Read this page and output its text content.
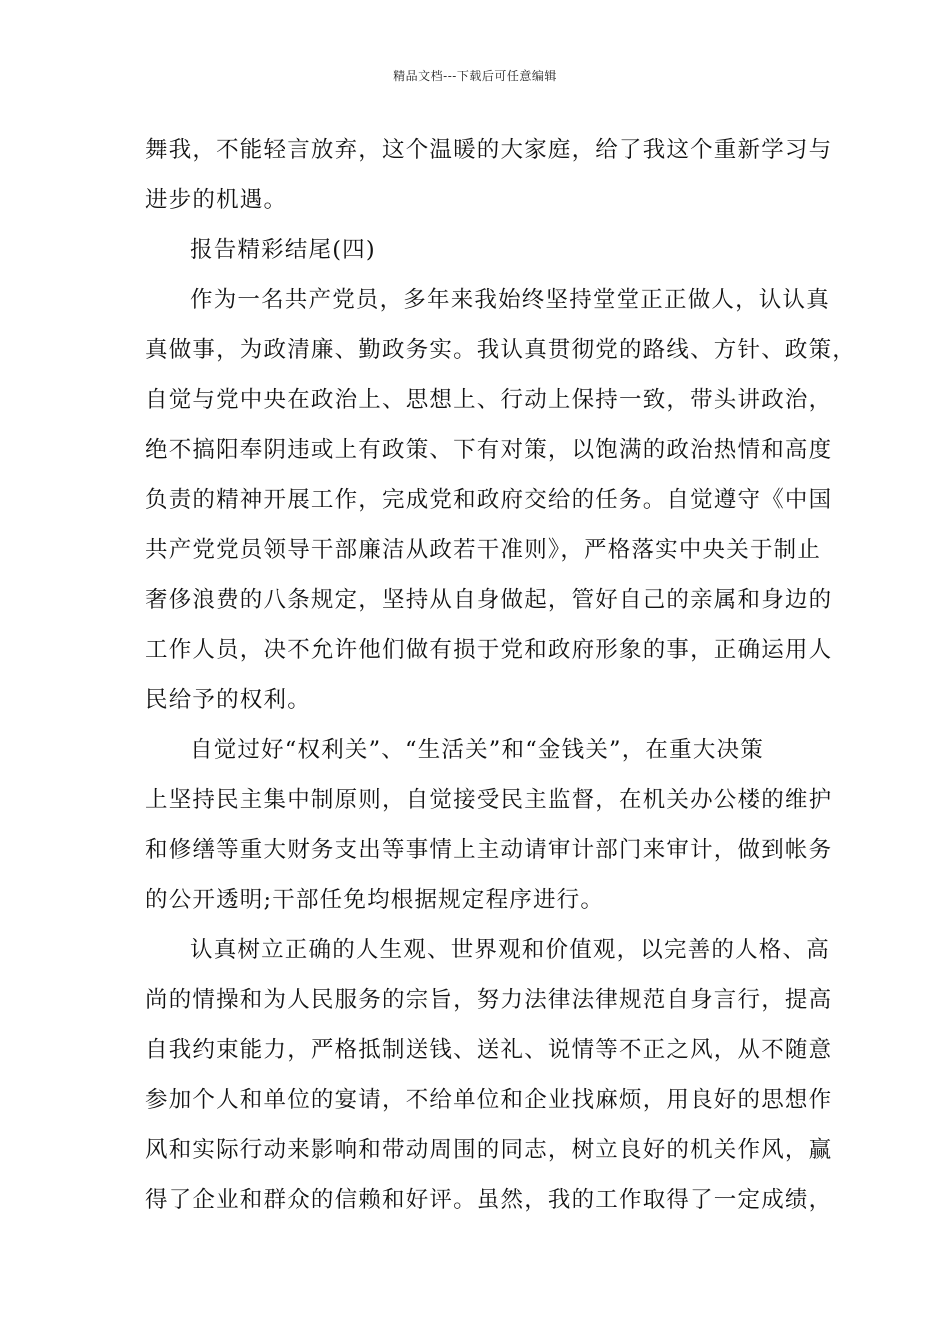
精品文档---下载后可任意编辑
舞我，不能轻言放弃，这个温暖的大家庭，给了我这个重新学习与
进步的机遇。
报告精彩结尾(四)
作为一名共产党员，多年来我始终坚持堂堂正正做人，认认真
真做事，为政清廉、勤政务实。我认真贯彻党的路线、方针、政策，
自觉与党中央在政治上、思想上、行动上保持一致，带头讲政治，
绝不搞阳奉阴违或上有政策、下有对策，以饱满的政治热情和高度
负责的精神开展工作，完成党和政府交给的任务。自觉遵守《中国
共产党党员领导干部廉洁从政若干准则》，严格落实中央关于制止
奢侈浪费的八条规定，坚持从自身做起，管好自己的亲属和身边的
工作人员，决不允许他们做有损于党和政府形象的事，正确运用人
民给予的权利。
自觉过好“权利关”、“生活关”和“金钱关”，在重大决策
上坚持民主集中制原则，自觉接受民主监督，在机关办公楼的维护
和修缮等重大财务支出等事情上主动请审计部门来审计，做到帐务
的公开透明;干部任免均根据规定程序进行。
认真树立正确的人生观、世界观和价值观，以完善的人格、高
尚的情操和为人民服务的宗旨，努力法律法律规范自身言行，提高
自我约束能力，严格抵制送钱、送礼、说情等不正之风，从不随意
参加个人和单位的宴请，不给单位和企业找麻烦，用良好的思想作
风和实际行动来影响和带动周围的同志，树立良好的机关作风，赢
得了企业和群众的信赖和好评。虽然，我的工作取得了一定成绩，
